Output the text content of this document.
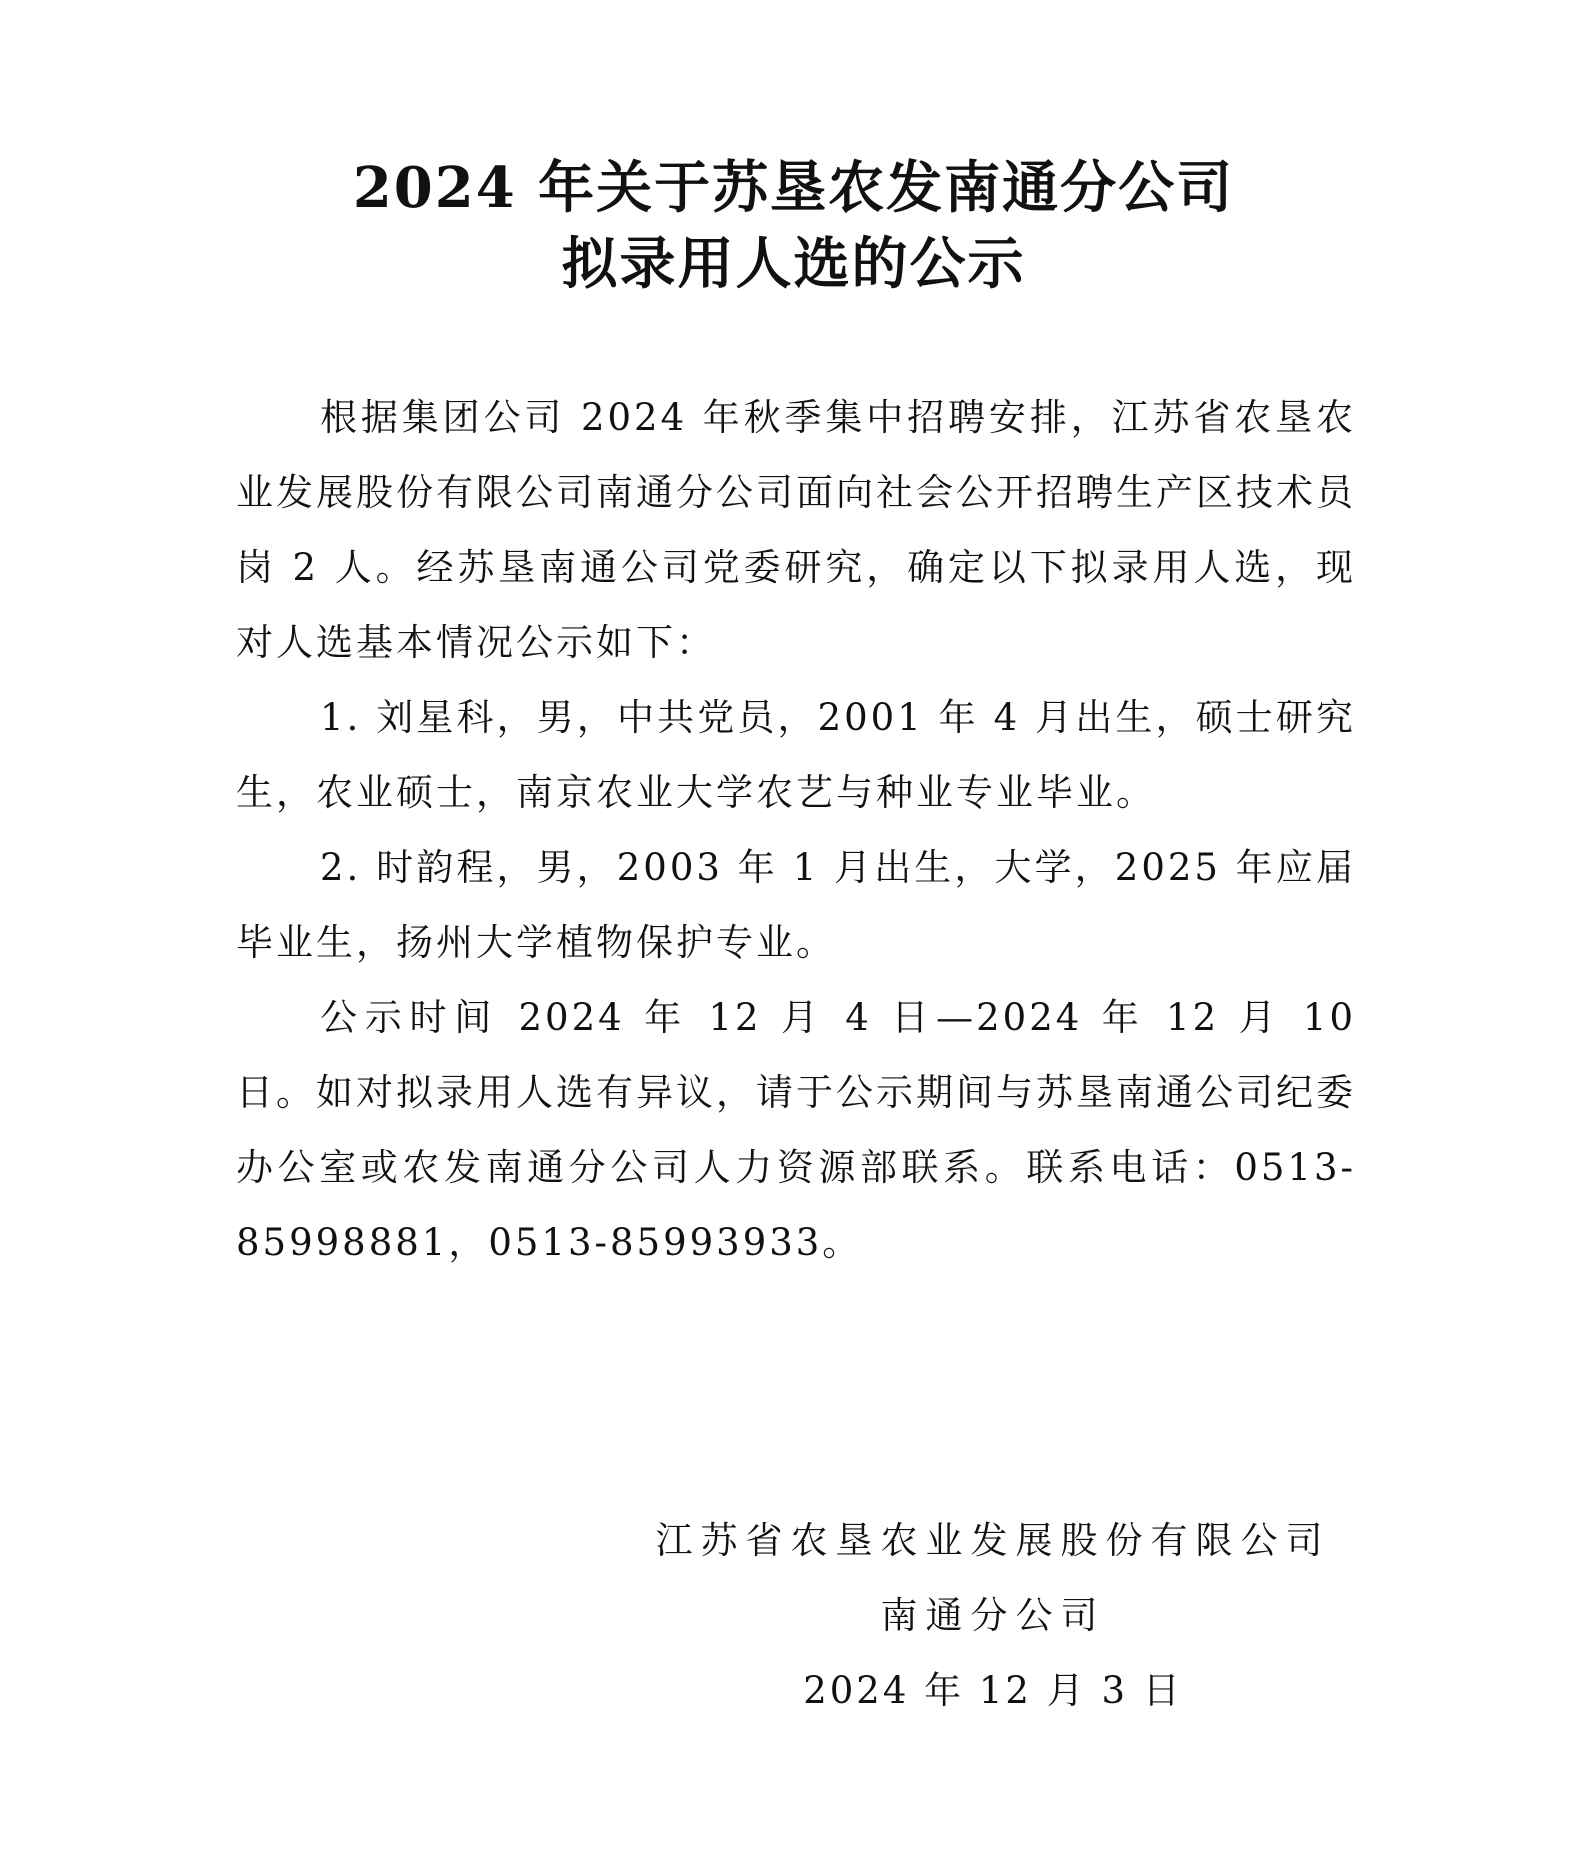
2024 年关于苏垦农发南通分公司
拟录用人选的公示

根据集团公司 2024 年秋季集中招聘安排，江苏省农垦农业发展股份有限公司南通分公司面向社会公开招聘生产区技术员岗 2 人。经苏垦南通公司党委研究，确定以下拟录用人选，现对人选基本情况公示如下：

1. 刘星科，男，中共党员，2001 年 4 月出生，硕士研究生，农业硕士，南京农业大学农艺与种业专业毕业。

2. 时韵程，男，2003 年 1 月出生，大学，2025 年应届毕业生，扬州大学植物保护专业。

公示时间 2024 年 12 月 4 日—2024 年 12 月 10 日。如对拟录用人选有异议，请于公示期间与苏垦南通公司纪委办公室或农发南通分公司人力资源部联系。联系电话：0513-85998881，0513-85993933。

江苏省农垦农业发展股份有限公司
南通分公司
2024 年 12 月 3 日
